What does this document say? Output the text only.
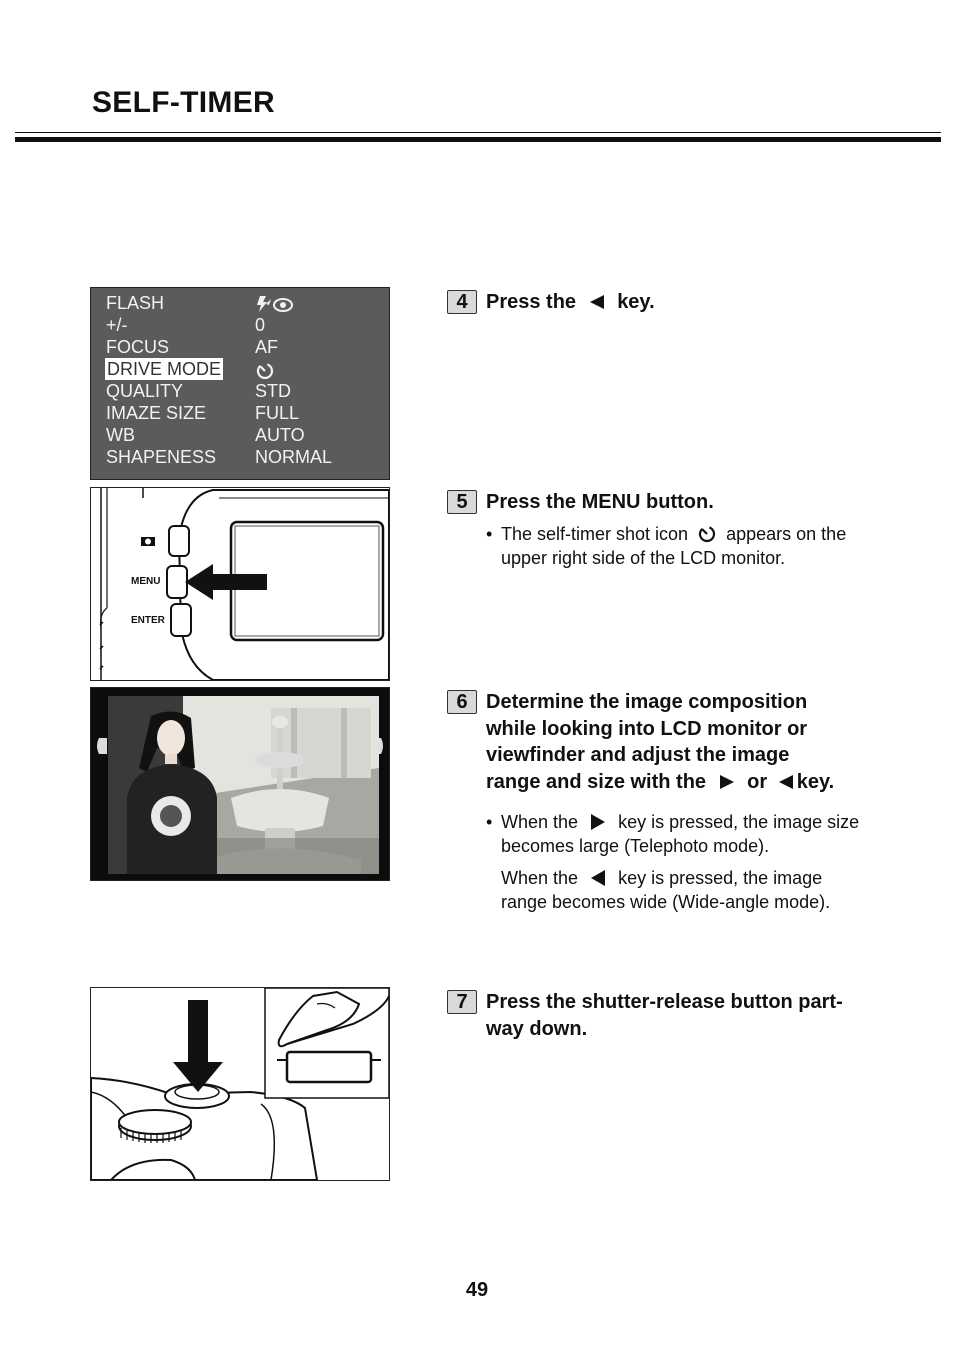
SELF-TIMER
FLASH
+/-	0
FOCUS	AF
DRIVE MODE
QUALITY	STD
IMAZE SIZE	FULL
WB	AUTO
SHAPENESS NORMAL
MENU
ENTER
4 Press the key.
5 Press the MENU button.
• The self-timer shot icon appears on the
upper right side of the LCD monitor.
6 Determine the image composition
while looking into LCD monitor or
viewfinder and adjust the image
range and size with the or key.
• When the key is pressed, the image size
becomes large (Telephoto mode).
When the key is pressed, the image
range becomes wide (Wide-angle mode).
7 Press the shutter-release button part-
way down.
49
